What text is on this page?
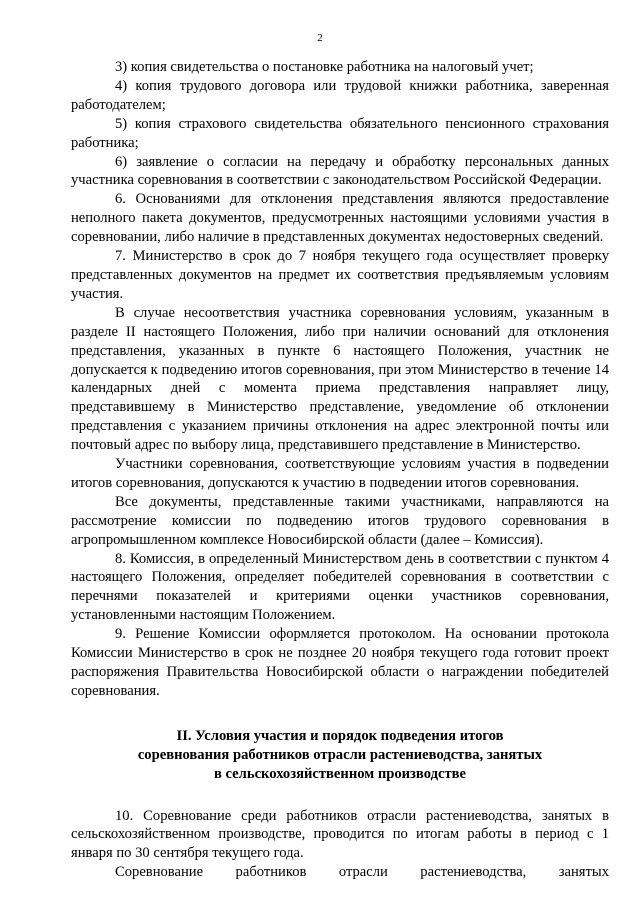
2

3) копия свидетельства о постановке работника на налоговый учет;

4) копия трудового договора или трудовой книжки работника, заверенная работодателем;

5) копия страхового свидетельства обязательного пенсионного страхования работника;

6) заявление о согласии на передачу и обработку персональных данных участника соревнования в соответствии с законодательством Российской Федерации.

6. Основаниями для отклонения представления являются предоставление неполного пакета документов, предусмотренных настоящими условиями участия в соревновании, либо наличие в представленных документах недостоверных сведений.

7. Министерство в срок до 7 ноября текущего года осуществляет проверку представленных документов на предмет их соответствия предъявляемым условиям участия.

В случае несоответствия участника соревнования условиям, указанным в разделе II настоящего Положения, либо при наличии оснований для отклонения представления, указанных в пункте 6 настоящего Положения, участник не допускается к подведению итогов соревнования, при этом Министерство в течение 14 календарных дней с момента приема представления направляет лицу, представившему в Министерство представление, уведомление об отклонении представления с указанием причины отклонения на адрес электронной почты или почтовый адрес по выбору лица, представившего представление в Министерство.

Участники соревнования, соответствующие условиям участия в подведении итогов соревнования, допускаются к участию в подведении итогов соревнования.

Все документы, представленные такими участниками, направляются на рассмотрение комиссии по подведению итогов трудового соревнования в агропромышленном комплексе Новосибирской области (далее – Комиссия).

8. Комиссия, в определенный Министерством день в соответствии с пунктом 4 настоящего Положения, определяет победителей соревнования в соответствии с перечнями показателей и критериями оценки участников соревнования, установленными настоящим Положением.

9. Решение Комиссии оформляется протоколом. На основании протокола Комиссии Министерство в срок не позднее 20 ноября текущего года готовит проект распоряжения Правительства Новосибирской области о награждении победителей соревнования.

II. Условия участия и порядок подведения итогов
соревнования работников отрасли растениеводства, занятых
в сельскохозяйственном производстве

10. Соревнование среди работников отрасли растениеводства, занятых в сельскохозяйственном производстве, проводится по итогам работы в период с 1 января по 30 сентября текущего года.

Соревнование работников отрасли растениеводства, занятых
